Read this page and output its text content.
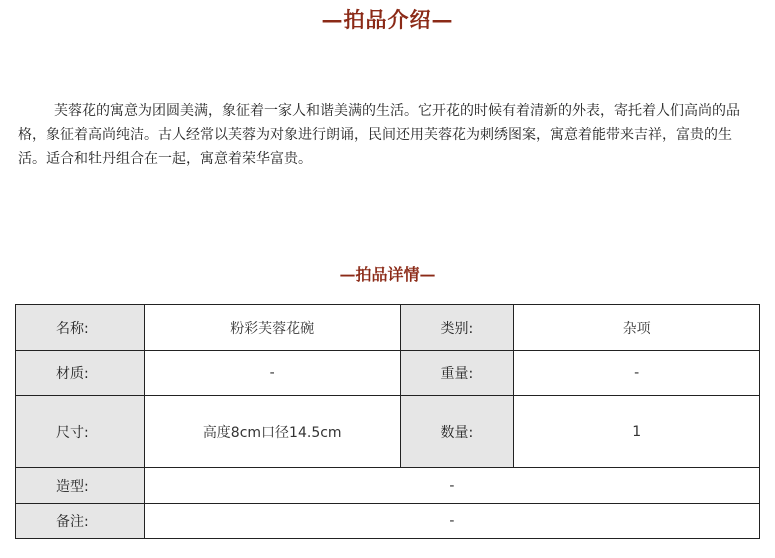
—拍品介绍—

芙蓉花的寓意为团圆美满，象征着一家人和谐美满的生活。它开花的时候有着清新的外表，寄托着人们高尚的品格，象征着高尚纯洁。古人经常以芙蓉为对象进行朗诵，民间还用芙蓉花为刺绣图案，寓意着能带来吉祥，富贵的生活。适合和牡丹组合在一起，寓意着荣华富贵。

—拍品详情—
名称:	粉彩芙蓉花碗	类别:	杂项
材质:	-	重量:	-
尺寸:	高度8cm口径14.5cm	数量:	1
造型:	-		
备注:	-		
